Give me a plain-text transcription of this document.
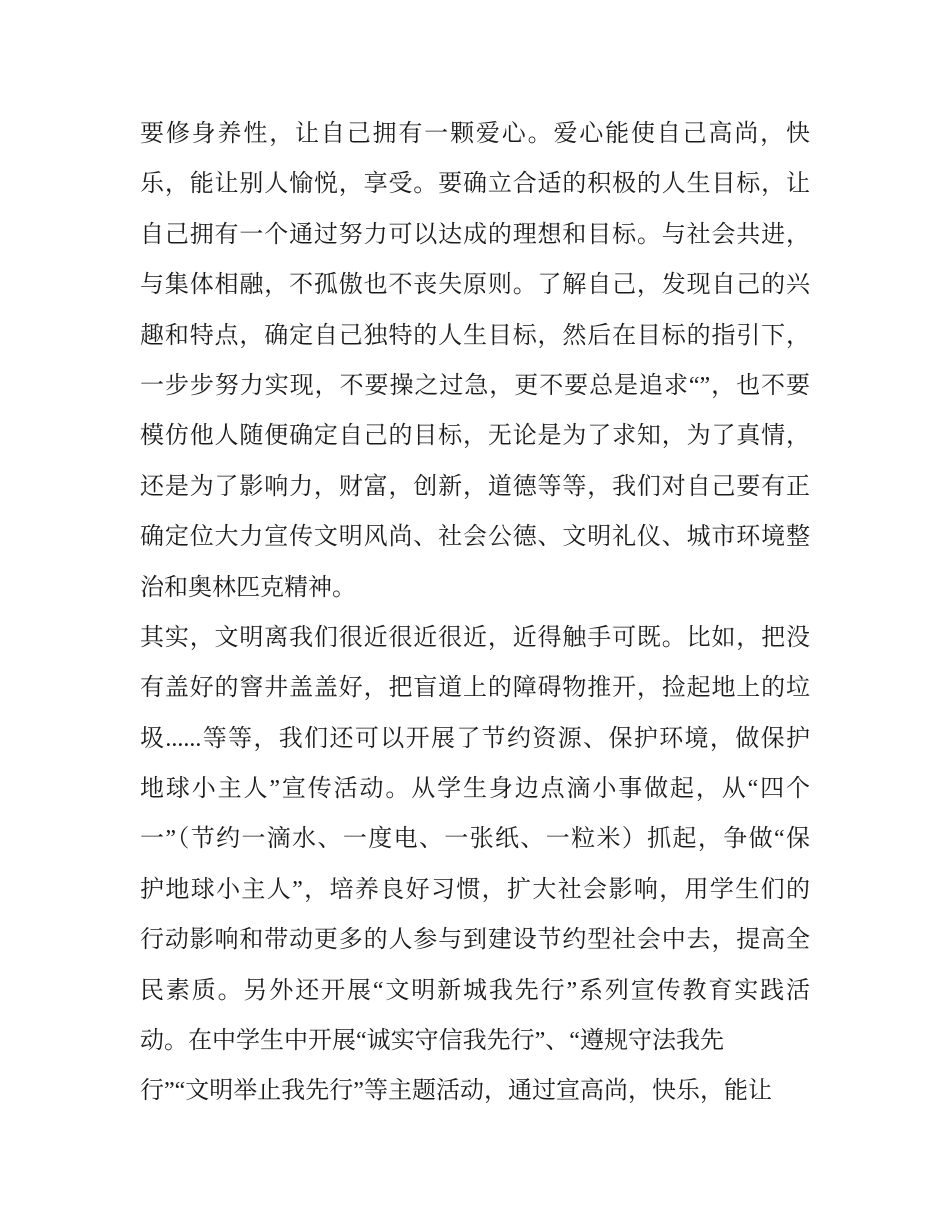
要修身养性，让自己拥有一颗爱心。爱心能使自己高尚，快
乐，能让别人愉悦，享受。要确立合适的积极的人生目标，让
自己拥有一个通过努力可以达成的理想和目标。与社会共进，
与集体相融，不孤傲也不丧失原则。了解自己，发现自己的兴
趣和特点，确定自己独特的人生目标，然后在目标的指引下，
一步步努力实现，不要操之过急，更不要总是追求“”，也不要
模仿他人随便确定自己的目标，无论是为了求知，为了真情，
还是为了影响力，财富，创新，道德等等，我们对自己要有正
确定位大力宣传文明风尚、社会公德、文明礼仪、城市环境整
治和奥林匹克精神。
其实，文明离我们很近很近很近，近得触手可既。比如，把没
有盖好的窨井盖盖好，把盲道上的障碍物推开，捡起地上的垃
圾......等等，我们还可以开展了节约资源、保护环境，做保护
地球小主人”宣传活动。从学生身边点滴小事做起，从“四个
一”（节约一滴水、一度电、一张纸、一粒米）抓起，争做“保
护地球小主人”，培养良好习惯，扩大社会影响，用学生们的
行动影响和带动更多的人参与到建设节约型社会中去，提高全
民素质。另外还开展“文明新城我先行”系列宣传教育实践活
动。在中学生中开展“诚实守信我先行”、“遵规守法我先
行”“文明举止我先行”等主题活动，通过宣高尚，快乐，能让
